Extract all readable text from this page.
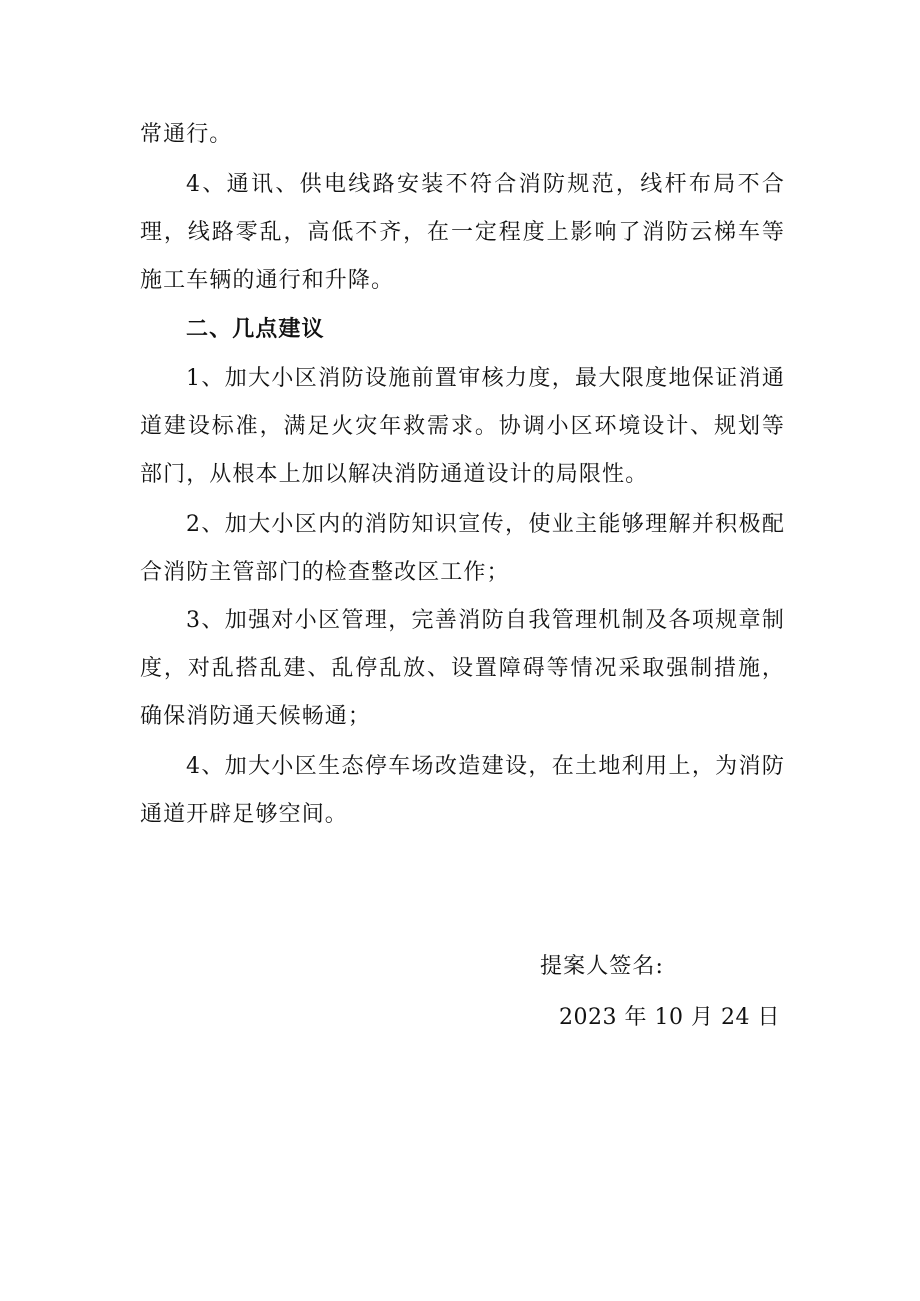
常通行。

4、通讯、供电线路安装不符合消防规范，线杆布局不合理，线路零乱，高低不齐，在一定程度上影响了消防云梯车等施工车辆的通行和升降。

二、几点建议

1、加大小区消防设施前置审核力度，最大限度地保证消通道建设标准，满足火灾年救需求。协调小区环境设计、规划等部门，从根本上加以解决消防通道设计的局限性。

2、加大小区内的消防知识宣传，使业主能够理解并积极配合消防主管部门的检查整改区工作；

3、加强对小区管理，完善消防自我管理机制及各项规章制度，对乱搭乱建、乱停乱放、设置障碍等情况采取强制措施，确保消防通天候畅通；

4、加大小区生态停车场改造建设，在土地利用上，为消防通道开辟足够空间。

提案人签名:

2023 年 10 月 24 日
